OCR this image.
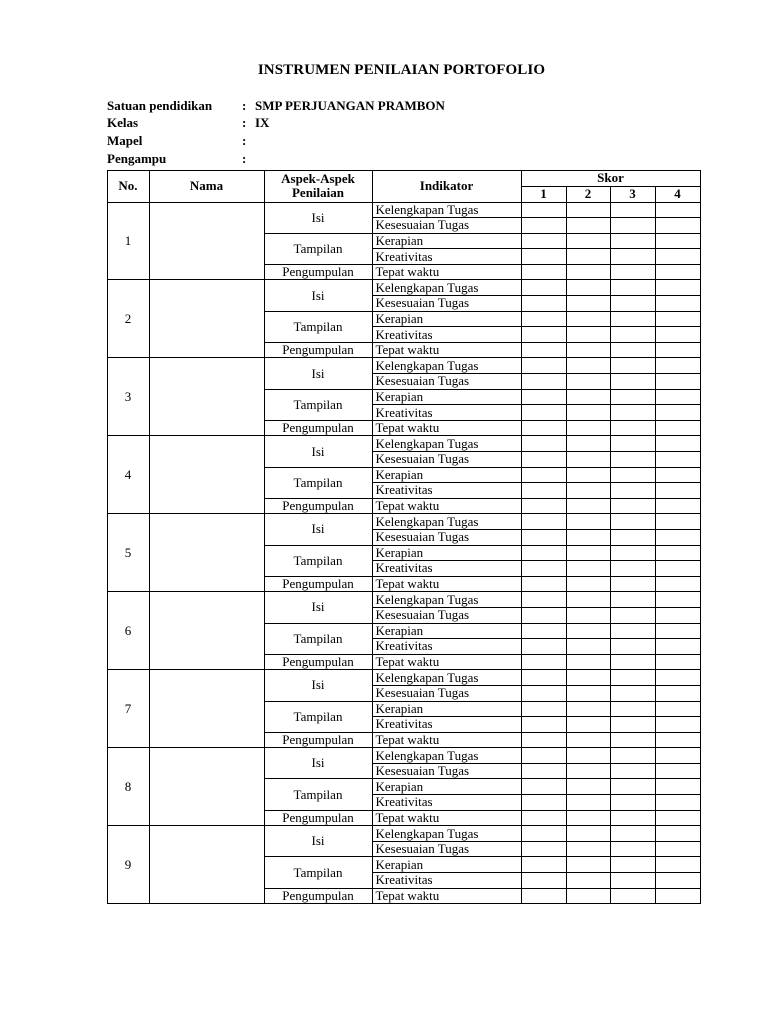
INSTRUMEN PENILAIAN PORTOFOLIO
Satuan pendidikan	:	SMP PERJUANGAN PRAMBON
Kelas	:	IX
Mapel	:	
Pengampu	:	
No.	Nama	Aspek-Aspek Penilaian	Indikator	Skor			
				1	2	3	4
1		Isi	Kelengkapan Tugas				
			Kesesuaian Tugas				
		Tampilan	Kerapian				
			Kreativitas				
		Pengumpulan	Tepat waktu				
2		Isi	Kelengkapan Tugas				
			Kesesuaian Tugas				
		Tampilan	Kerapian				
			Kreativitas				
		Pengumpulan	Tepat waktu				
3		Isi	Kelengkapan Tugas				
			Kesesuaian Tugas				
		Tampilan	Kerapian				
			Kreativitas				
		Pengumpulan	Tepat waktu				
4		Isi	Kelengkapan Tugas				
			Kesesuaian Tugas				
		Tampilan	Kerapian				
			Kreativitas				
		Pengumpulan	Tepat waktu				
5		Isi	Kelengkapan Tugas				
			Kesesuaian Tugas				
		Tampilan	Kerapian				
			Kreativitas				
		Pengumpulan	Tepat waktu				
6		Isi	Kelengkapan Tugas				
			Kesesuaian Tugas				
		Tampilan	Kerapian				
			Kreativitas				
		Pengumpulan	Tepat waktu				
7		Isi	Kelengkapan Tugas				
			Kesesuaian Tugas				
		Tampilan	Kerapian				
			Kreativitas				
		Pengumpulan	Tepat waktu				
8		Isi	Kelengkapan Tugas				
			Kesesuaian Tugas				
		Tampilan	Kerapian				
			Kreativitas				
		Pengumpulan	Tepat waktu				
9		Isi	Kelengkapan Tugas				
			Kesesuaian Tugas				
		Tampilan	Kerapian				
			Kreativitas				
		Pengumpulan	Tepat waktu				
